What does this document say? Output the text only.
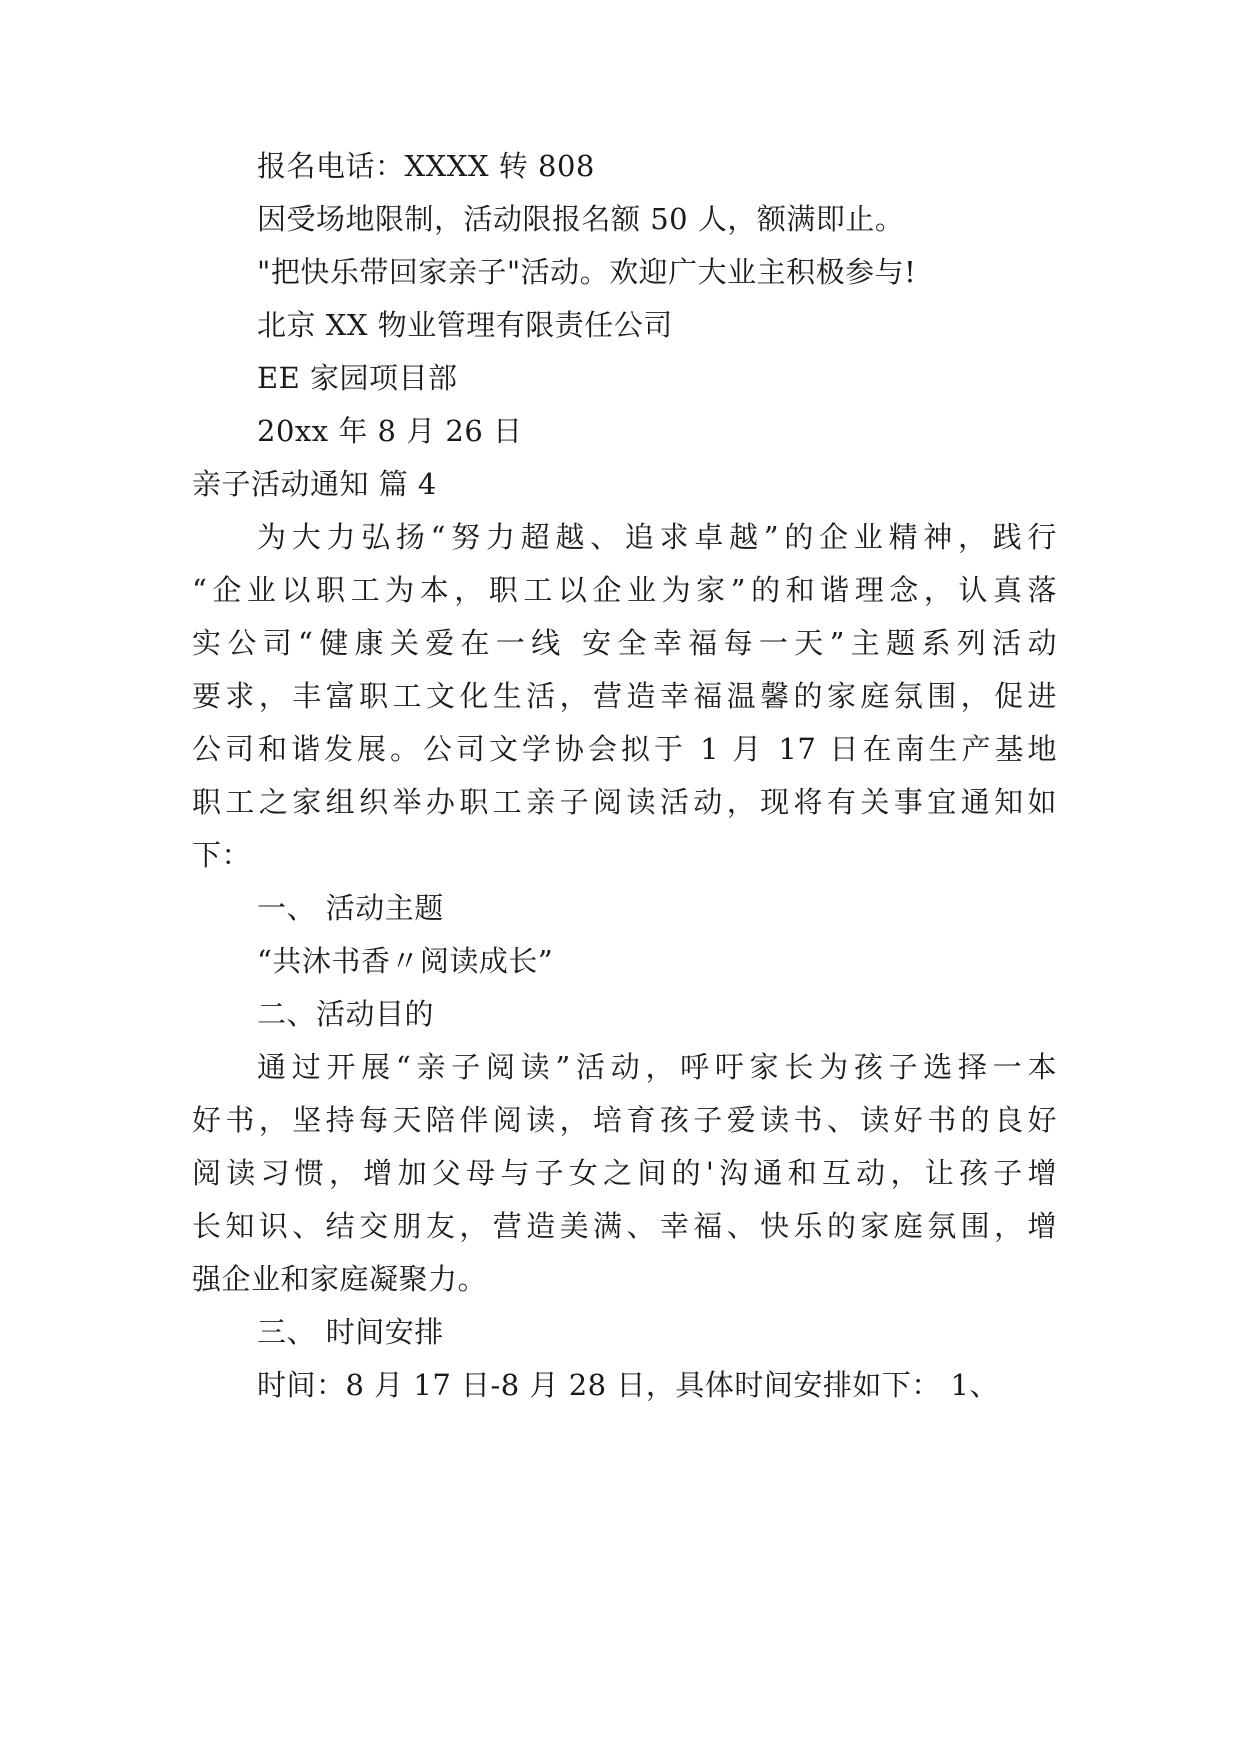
报名电话：XXXX 转 808
因受场地限制，活动限报名额 50 人，额满即止。
"把快乐带回家亲子"活动。欢迎广大业主积极参与!
北京 XX 物业管理有限责任公司
EE 家园项目部
20xx 年 8 月 26 日
亲子活动通知 篇 4
为大力弘扬“努力超越、追求卓越”的企业精神，践行
“企业以职工为本，职工以企业为家”的和谐理念，认真落
实公司“健康关爱在一线 安全幸福每一天”主题系列活动
要求，丰富职工文化生活，营造幸福温馨的家庭氛围，促进
公司和谐发展。公司文学协会拟于 1 月 17 日在南生产基地
职工之家组织举办职工亲子阅读活动，现将有关事宜通知如
下：
一、 活动主题
“共沐书香〃阅读成长”
二、活动目的
通过开展“亲子阅读”活动，呼吁家长为孩子选择一本
好书，坚持每天陪伴阅读，培育孩子爱读书、读好书的良好
阅读习惯，增加父母与子女之间的'沟通和互动，让孩子增
长知识、结交朋友，营造美满、幸福、快乐的家庭氛围，增
强企业和家庭凝聚力。
三、 时间安排
时间：8 月 17 日-8 月 28 日，具体时间安排如下： 1、
